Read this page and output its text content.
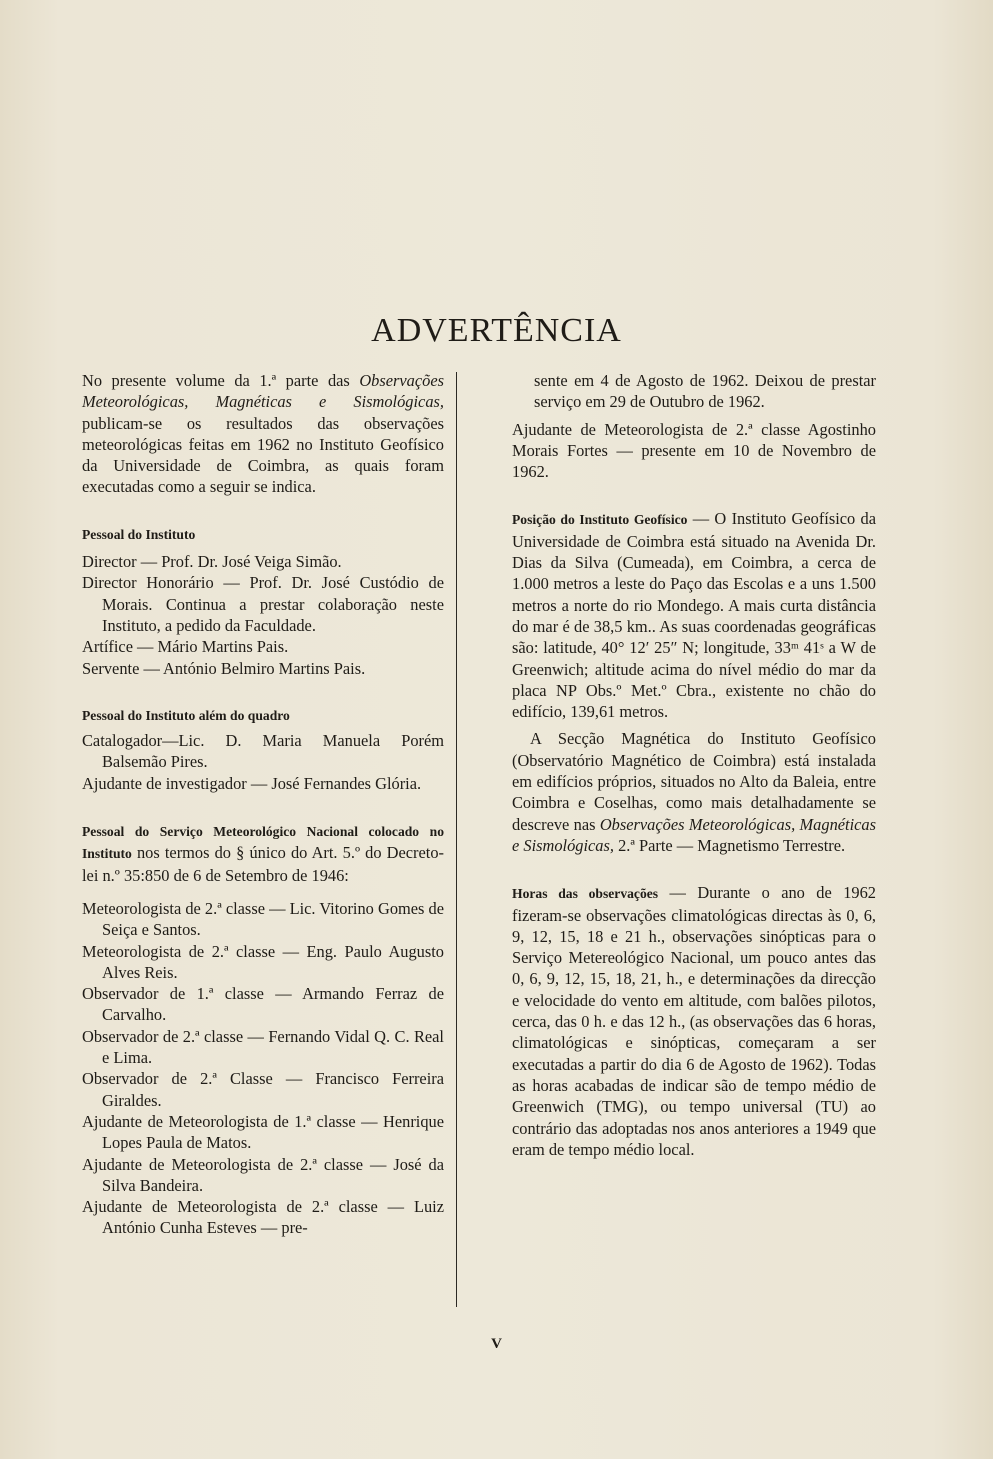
ADVERTÊNCIA

No presente volume da 1.ª parte das Observações Meteorológicas, Magnéticas e Sismológicas, publicam-se os resultados das observações meteorológicas feitas em 1962 no Instituto Geofísico da Universidade de Coimbra, as quais foram executadas como a seguir se indica.

Pessoal do Instituto

Director — Prof. Dr. José Veiga Simão.

Director Honorário — Prof. Dr. José Custódio de Morais. Continua a prestar colaboração neste Instituto, a pedido da Faculdade.

Artífice — Mário Martins Pais.

Servente — António Belmiro Martins Pais.

Pessoal do Instituto além do quadro

Catalogador—Lic. D. Maria Manuela Porém Balsemão Pires.

Ajudante de investigador — José Fernandes Glória.

Pessoal do Serviço Meteorológico Nacional colocado no Instituto nos termos do § único do Art. 5.º do Decreto-lei n.º 35:850 de 6 de Setembro de 1946:

Meteorologista de 2.ª classe — Lic. Vitorino Gomes de Seiça e Santos.

Meteorologista de 2.ª classe — Eng. Paulo Augusto Alves Reis.

Observador de 1.ª classe — Armando Ferraz de Carvalho.

Observador de 2.ª classe — Fernando Vidal Q. C. Real e Lima.

Observador de 2.ª Classe — Francisco Ferreira Giraldes.

Ajudante de Meteorologista de 1.ª classe — Henrique Lopes Paula de Matos.

Ajudante de Meteorologista de 2.ª classe — José da Silva Bandeira.

Ajudante de Meteorologista de 2.ª classe — Luiz António Cunha Esteves — pre-

sente em 4 de Agosto de 1962. Deixou de prestar serviço em 29 de Outubro de 1962.

Ajudante de Meteorologista de 2.ª classe Agostinho Morais Fortes — presente em 10 de Novembro de 1962.

Posição do Instituto Geofísico — O Instituto Geofísico da Universidade de Coimbra está situado na Avenida Dr. Dias da Silva (Cumeada), em Coimbra, a cerca de 1.000 metros a leste do Paço das Escolas e a uns 1.500 metros a norte do rio Mondego. A mais curta distância do mar é de 38,5 km.. As suas coordenadas geográficas são: latitude, 40° 12′ 25″ N; longitude, 33ᵐ 41ˢ a W de Greenwich; altitude acima do nível médio do mar da placa NP Obs.º Met.º Cbra., existente no chão do edifício, 139,61 metros.

A Secção Magnética do Instituto Geofísico (Observatório Magnético de Coimbra) está instalada em edifícios próprios, situados no Alto da Baleia, entre Coimbra e Coselhas, como mais detalhadamente se descreve nas Observações Meteorológicas, Magnéticas e Sismológicas, 2.ª Parte — Magnetismo Terrestre.

Horas das observações — Durante o ano de 1962 fizeram-se observações climatológicas directas às 0, 6, 9, 12, 15, 18 e 21 h., observações sinópticas para o Serviço Metereológico Nacional, um pouco antes das 0, 6, 9, 12, 15, 18, 21, h., e determinações da direcção e velocidade do vento em altitude, com balões pilotos, cerca, das 0 h. e das 12 h., (as observações das 6 horas, climatológicas e sinópticas, começaram a ser executadas a partir do dia 6 de Agosto de 1962). Todas as horas acabadas de indicar são de tempo médio de Greenwich (TMG), ou tempo universal (TU) ao contrário das adoptadas nos anos anteriores a 1949 que eram de tempo médio local.

V
